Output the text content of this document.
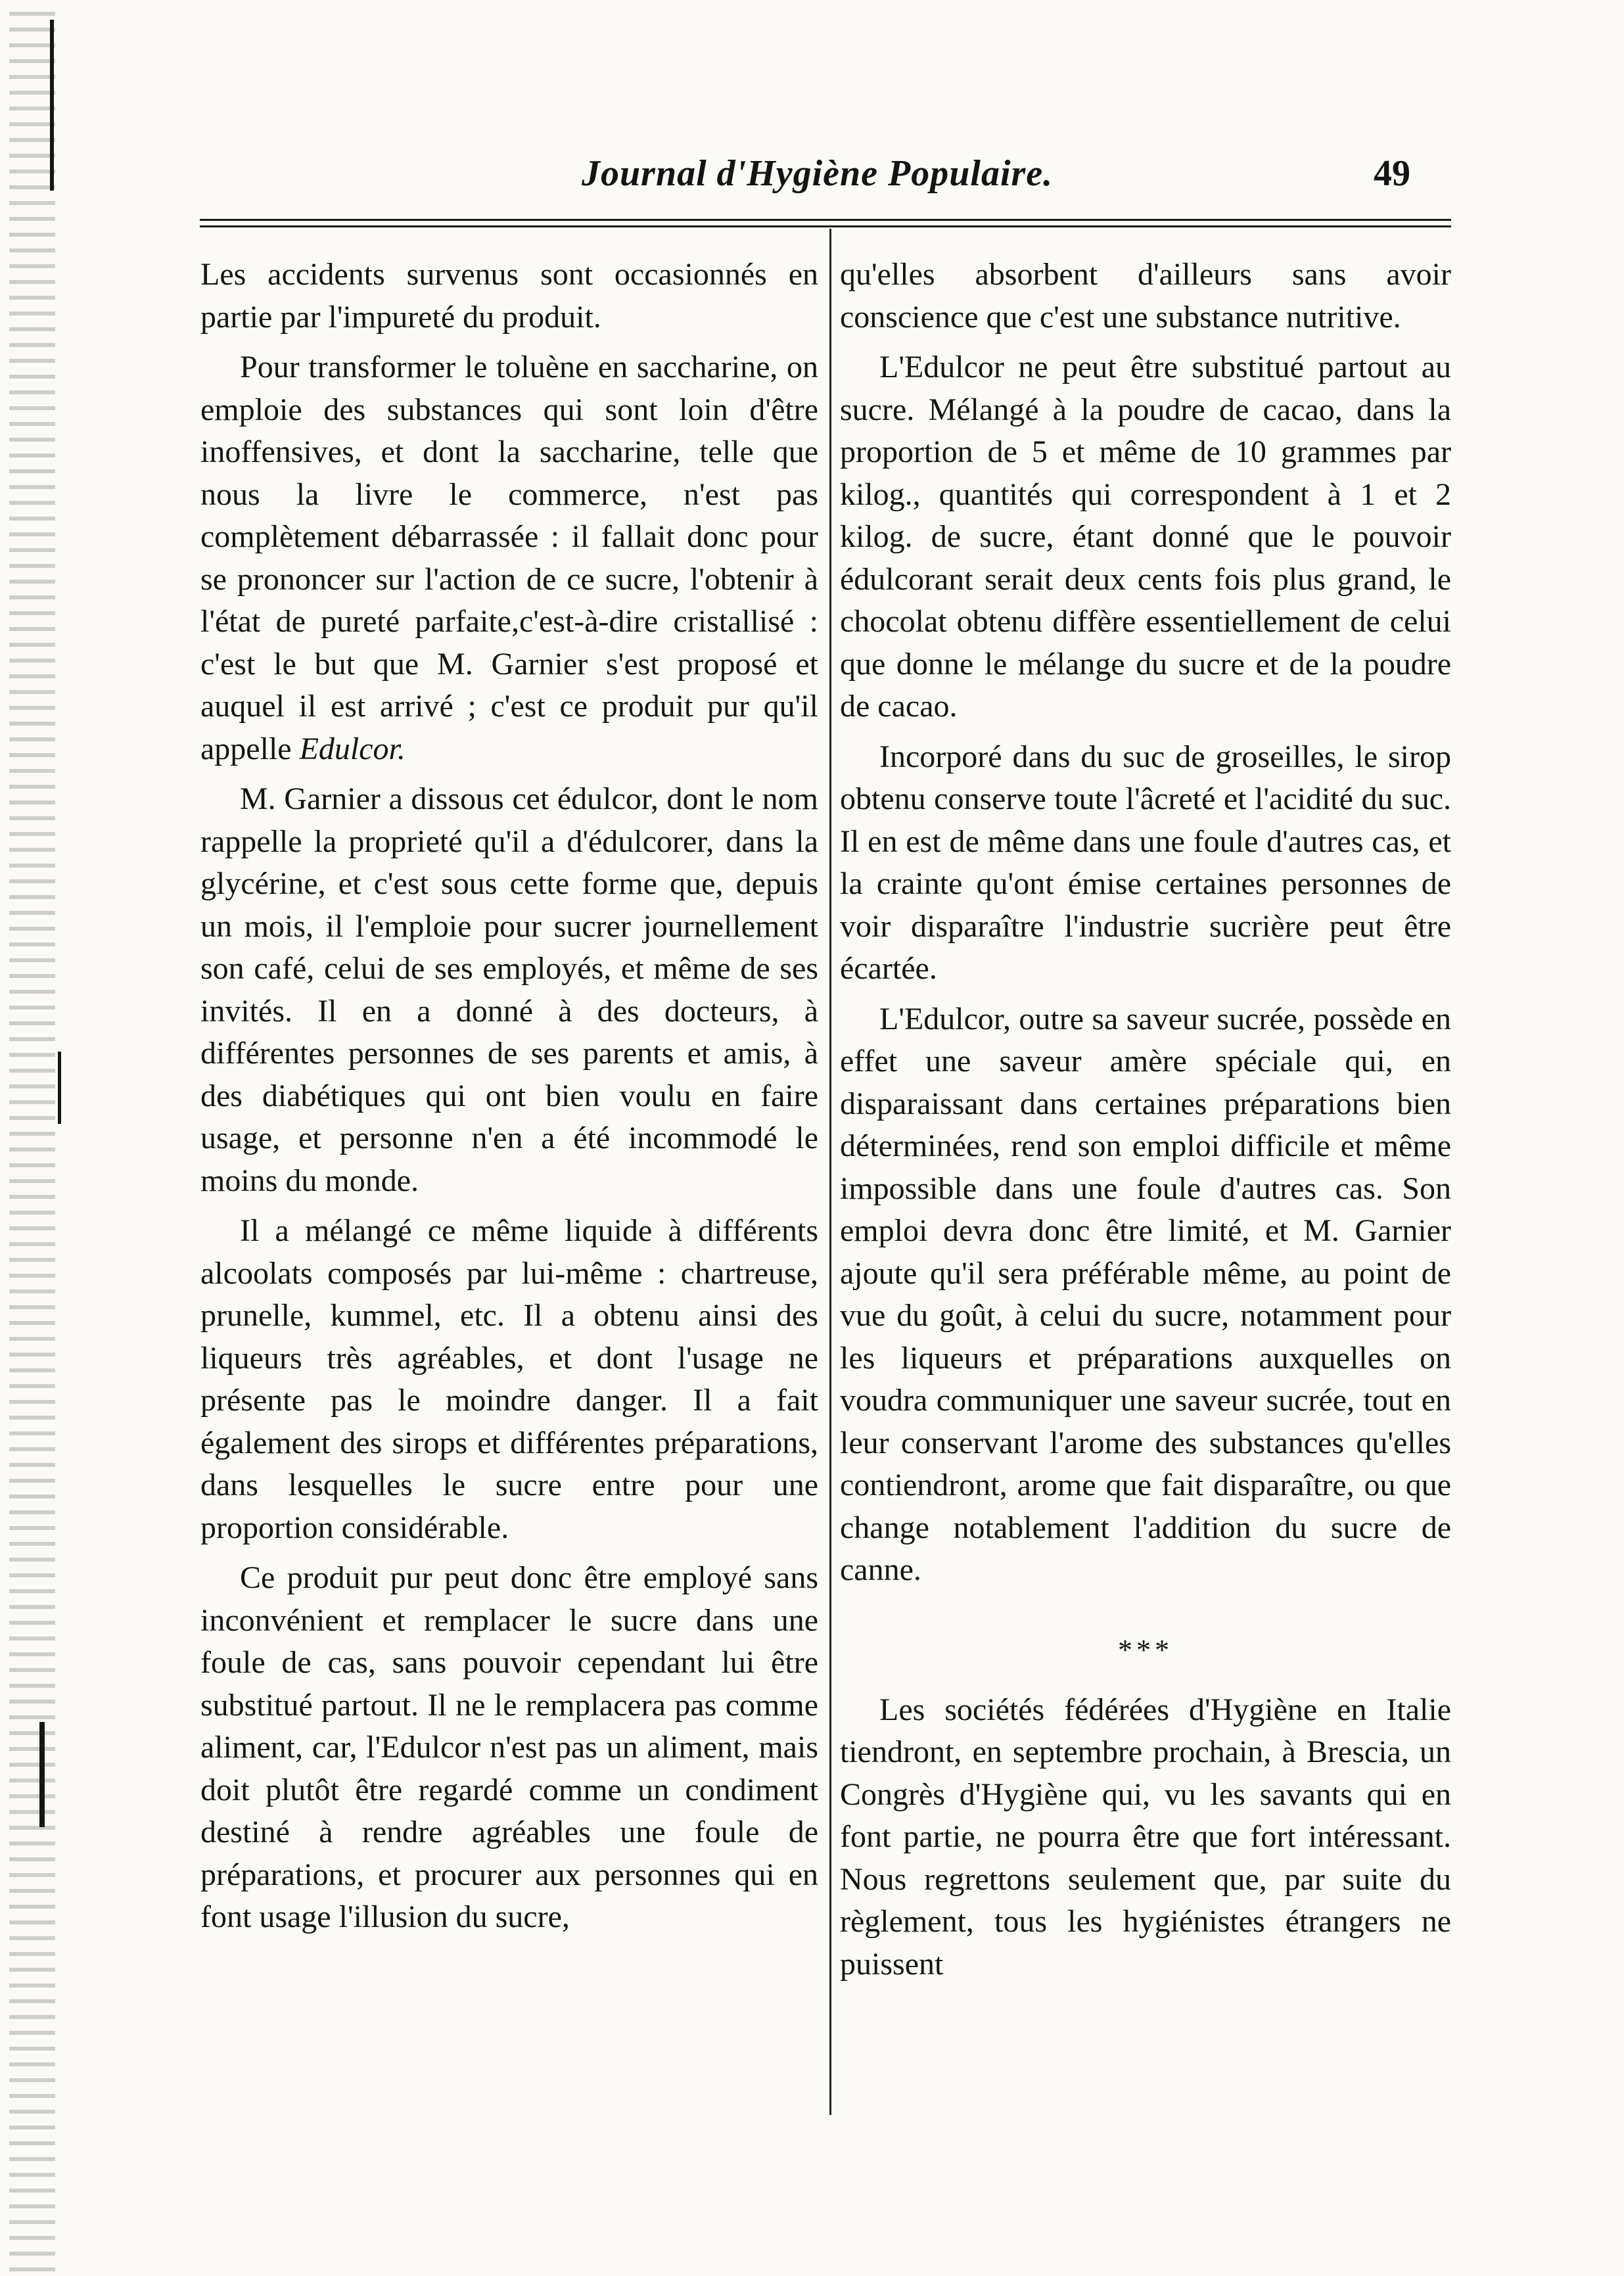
Journal d'Hygiène Populaire.	49

Les accidents survenus sont occasionnés en partie par l'impureté du produit.

Pour transformer le toluène en saccharine, on emploie des substances qui sont loin d'être inoffensives, et dont la saccharine, telle que nous la livre le commerce, n'est pas complètement débarrassée : il fallait donc pour se prononcer sur l'action de ce sucre, l'obtenir à l'état de pureté parfaite,c'est-à-dire cristallisé : c'est le but que M. Garnier s'est proposé et auquel il est arrivé ; c'est ce produit pur qu'il appelle Edulcor.

M. Garnier a dissous cet édulcor, dont le nom rappelle la proprieté qu'il a d'édulcorer, dans la glycérine, et c'est sous cette forme que, depuis un mois, il l'emploie pour sucrer journellement son café, celui de ses employés, et même de ses invités. Il en a donné à des docteurs, à différentes personnes de ses parents et amis, à des diabétiques qui ont bien voulu en faire usage, et personne n'en a été incommodé le moins du monde.

Il a mélangé ce même liquide à différents alcoolats composés par lui-même : chartreuse, prunelle, kummel, etc. Il a obtenu ainsi des liqueurs très agréables, et dont l'usage ne présente pas le moindre danger. Il a fait également des sirops et différentes préparations, dans lesquelles le sucre entre pour une proportion considérable.

Ce produit pur peut donc être employé sans inconvénient et remplacer le sucre dans une foule de cas, sans pouvoir cependant lui être substitué partout. Il ne le remplacera pas comme aliment, car, l'Edulcor n'est pas un aliment, mais doit plutôt être regardé comme un condiment destiné à rendre agréables une foule de préparations, et procurer aux personnes qui en font usage l'illusion du sucre,

qu'elles absorbent d'ailleurs sans avoir conscience que c'est une substance nutritive.

L'Edulcor ne peut être substitué partout au sucre. Mélangé à la poudre de cacao, dans la proportion de 5 et même de 10 grammes par kilog., quantités qui correspondent à 1 et 2 kilog. de sucre, étant donné que le pouvoir édulcorant serait deux cents fois plus grand, le chocolat obtenu diffère essentiellement de celui que donne le mélange du sucre et de la poudre de cacao.

Incorporé dans du suc de groseilles, le sirop obtenu conserve toute l'âcreté et l'acidité du suc. Il en est de même dans une foule d'autres cas, et la crainte qu'ont émise certaines personnes de voir disparaître l'industrie sucrière peut être écartée.

L'Edulcor, outre sa saveur sucrée, possède en effet une saveur amère spéciale qui, en disparaissant dans certaines préparations bien déterminées, rend son emploi difficile et même impossible dans une foule d'autres cas. Son emploi devra donc être limité, et M. Garnier ajoute qu'il sera préférable même, au point de vue du goût, à celui du sucre, notamment pour les liqueurs et préparations auxquelles on voudra communiquer une saveur sucrée, tout en leur conservant l'arome des substances qu'elles contiendront, arome que fait disparaître, ou que change notablement l'addition du sucre de canne.

***

Les sociétés fédérées d'Hygiène en Italie tiendront, en septembre prochain, à Brescia, un Congrès d'Hygiène qui, vu les savants qui en font partie, ne pourra être que fort intéressant. Nous regrettons seulement que, par suite du règlement, tous les hygiénistes étrangers ne puissent
